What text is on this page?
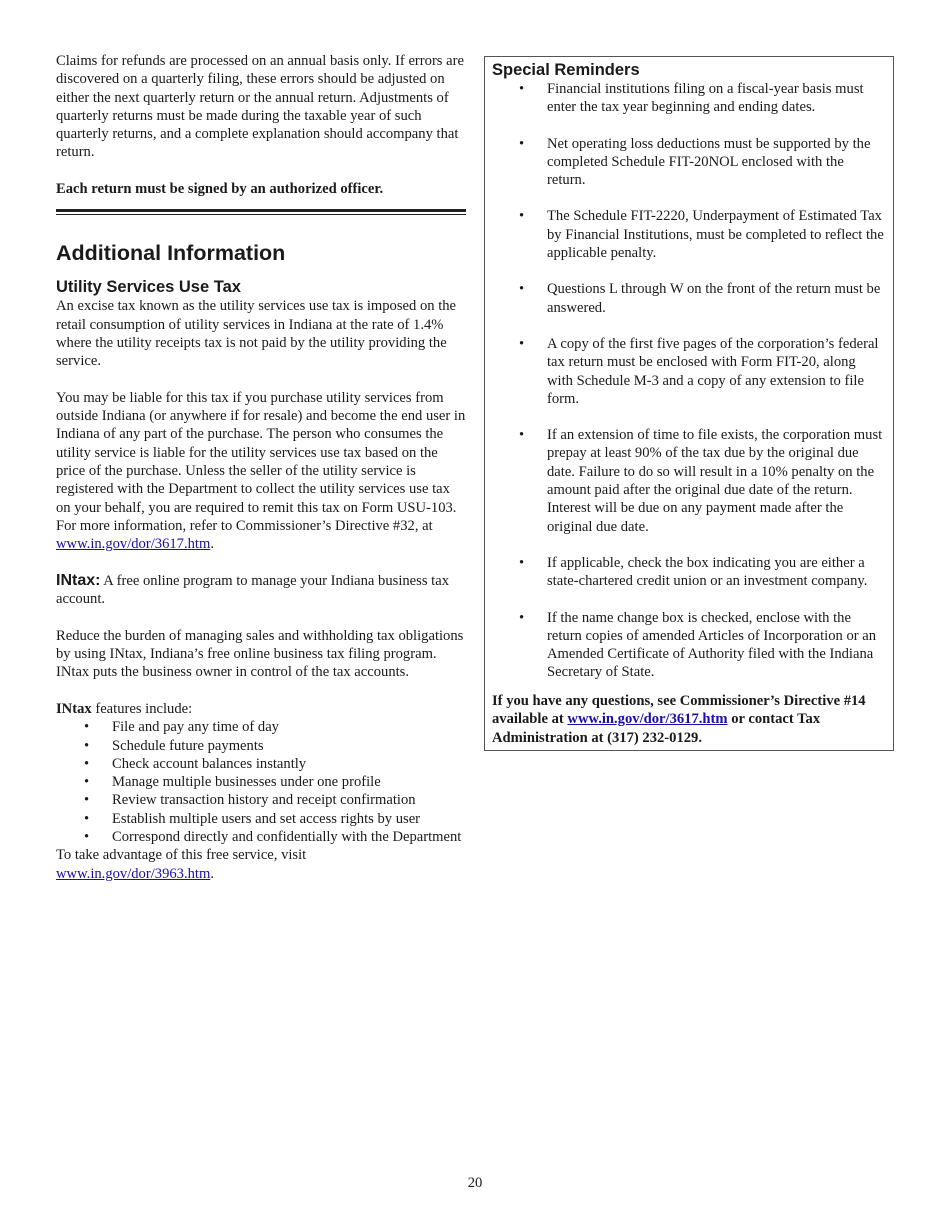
Claims for refunds are processed on an annual basis only. If errors are discovered on a quarterly filing, these errors should be adjusted on either the next quarterly return or the annual return. Adjustments of quarterly returns must be made during the taxable year of such quarterly returns, and a complete explanation should accompany that return.

Each return must be signed by an authorized officer.

Additional Information
Utility Services Use Tax

An excise tax known as the utility services use tax is imposed on the retail consumption of utility services in Indiana at the rate of 1.4% where the utility receipts tax is not paid by the utility providing the service.

You may be liable for this tax if you purchase utility services from outside Indiana (or anywhere if for resale) and become the end user in Indiana of any part of the purchase. The person who consumes the utility service is liable for the utility services use tax based on the price of the purchase. Unless the seller of the utility service is registered with the Department to collect the utility services use tax on your behalf, you are required to remit this tax on Form USU-103. For more information, refer to Commissioner’s Directive #32, at www.in.gov/dor/3617.htm.

INtax: A free online program to manage your Indiana business tax account.

Reduce the burden of managing sales and withholding tax obligations by using INtax, Indiana’s free online business tax filing program. INtax puts the business owner in control of the tax accounts.

INtax features include:

• File and pay any time of day
• Schedule future payments
• Check account balances instantly
• Manage multiple businesses under one profile
• Review transaction history and receipt confirmation
• Establish multiple users and set access rights by user
• Correspond directly and confidentially with the Department

To take advantage of this free service, visit

www.in.gov/dor/3963.htm.

Special Reminders
• Financial institutions filing on a fiscal-year basis must enter the tax year beginning and ending dates.
• Net operating loss deductions must be supported by the completed Schedule FIT-20NOL enclosed with the return.
• The Schedule FIT-2220, Underpayment of Estimated Tax by Financial Institutions, must be completed to reflect the applicable penalty.
• Questions L through W on the front of the return must be answered.
• A copy of the first five pages of the corporation’s federal tax return must be enclosed with Form FIT-20, along with Schedule M-3 and a copy of any extension to file form.
• If an extension of time to file exists, the corporation must prepay at least 90% of the tax due by the original due date. Failure to do so will result in a 10% penalty on the amount paid after the original due date of the return. Interest will be due on any payment made after the original due date.
• If applicable, check the box indicating you are either a state-chartered credit union or an investment company.
• If the name change box is checked, enclose with the return copies of amended Articles of Incorporation or an Amended Certificate of Authority filed with the Indiana Secretary of State.

If you have any questions, see Commissioner’s Directive #14 available at www.in.gov/dor/3617.htm or contact Tax Administration at (317) 232-0129.

20
